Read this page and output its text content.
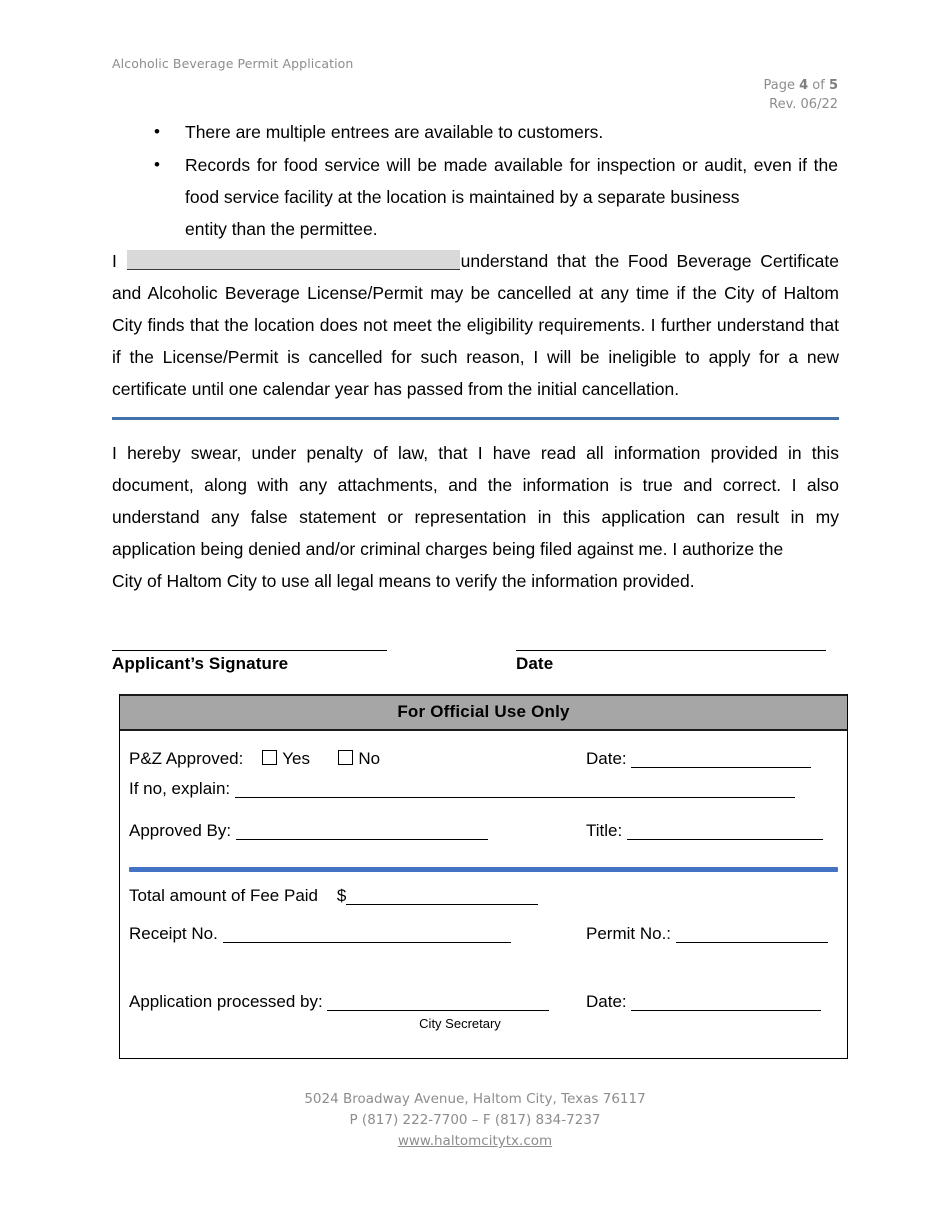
Alcoholic Beverage Permit Application
Page 4 of 5
Rev. 06/22
• There are multiple entrees are available to customers.
• Records for food service will be made available for inspection or audit, even if the food service facility at the location is maintained by a separate business
entity than the permittee.

I	understand that the Food Beverage Certificate and Alcoholic Beverage License/Permit may be cancelled at any time if the City of Haltom City finds that the location does not meet the eligibility requirements. I further understand that if the License/Permit is cancelled for such reason, I will be ineligible to apply for a new certificate until one calendar year has passed from the initial cancellation.

I hereby swear, under penalty of law, that I have read all information provided in this document, along with any attachments, and the information is true and correct. I also understand any false statement or representation in this application can result in my application being denied and/or criminal charges being filed against me. I authorize the

City of Haltom City to use all legal means to verify the information provided.
Applicant’s Signature	Date
For Official Use Only
P&Z Approved: Yes	No	Date:
If no, explain:
Approved By:	Title:
Total amount of Fee Paid $
Receipt No.	Permit No.:
Application processed by:	Date:
City Secretary
5024 Broadway Avenue, Haltom City, Texas 76117
P (817) 222-7700 – F (817) 834-7237
www.haltomcitytx.com
